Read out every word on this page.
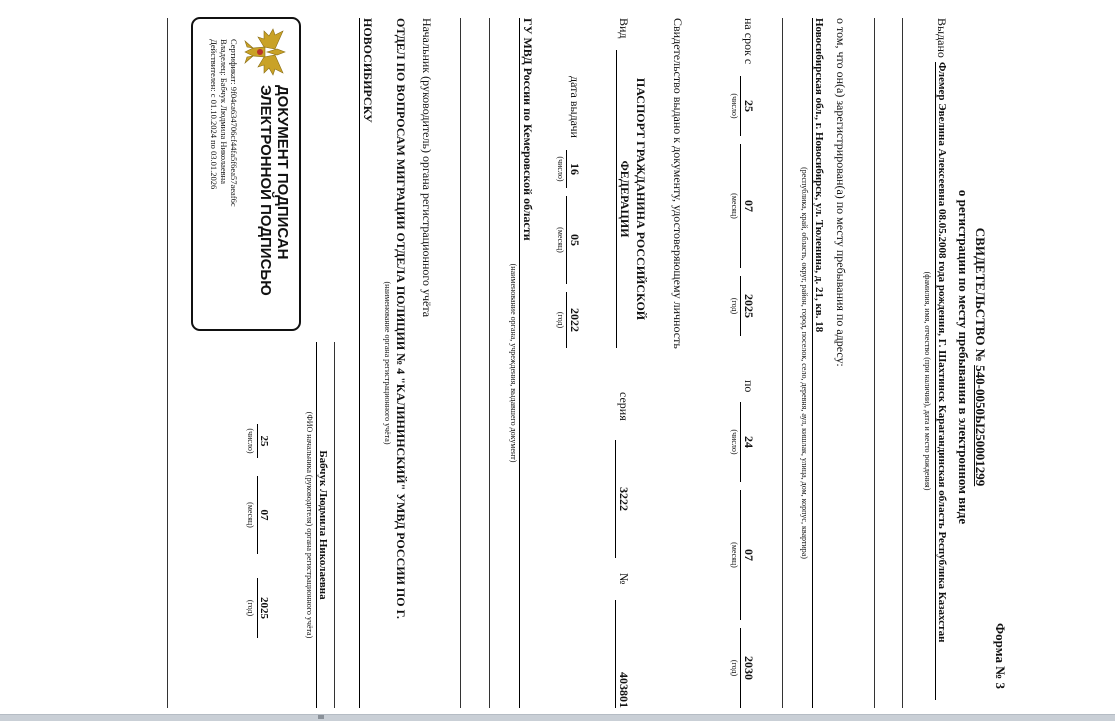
Форма № 3
СВИДЕТЕЛЬСТВО № 540-0050Ы250001299
о регистрации по месту пребывания в электронном виде
Выдано
Флемер Эвелина Алексеевна 08.05.2008 года рождения, Г. Шахтинск Карагандинская область Республика Казахстан
(фамилия, имя, отчество (при наличии), дата и место рождения)
о том, что он(а) зарегистрирован(а) по месту пребывания по адресу:
Новосибирская обл., г. Новосибирск, ул. Тюленина, д. 21, кв. 18
(республика, край, область, округ, район, город, поселок, село, деревня, аул, кишлак, улица, дом, корпус, квартира)
на срок с
25
07
2025
(число)
(месяц)
(год)
по
24
07
2030
(число)
(месяц)
(год)
Свидетельство выдано к документу, удостоверяющему личность
Вид
ПАСПОРТ ГРАЖДАНИНА РОССИЙСКОЙ
ФЕДЕРАЦИИ
серия
3222
№
403801
дата выдачи
16
05
2022
(число)
(месяц)
(год)
ГУ МВД России по Кемеровской области
(наименование органа, учреждения, выдавшего документ)
Начальник (руководитель) органа регистрационного учёта
ОТДЕЛ ПО ВОПРОСАМ МИГРАЦИИ ОТДЕЛА ПОЛИЦИИ № 4 "КАЛИНИНСКИЙ" УМВД РОССИИ ПО Г.
(наименование органа регистрационного учёта)
НОВОСИБИРСКУ
Бабчук Людмила Николаевна
(ФИО начальника (руководителя) органа регистрационного учёта)
25
07
2025
(число)
(месяц)
(год)
ДОКУМЕНТ ПОДПИСАН
ЭЛЕКТРОННОЙ ПОДПИСЬЮ
Сертификат: 9f04ca634706cf44fa5f6ea57aeaf6c
Владелец: Бабчук Людмила Николаевна
Действителен: с 01.10.2024 по 03.01.2026
